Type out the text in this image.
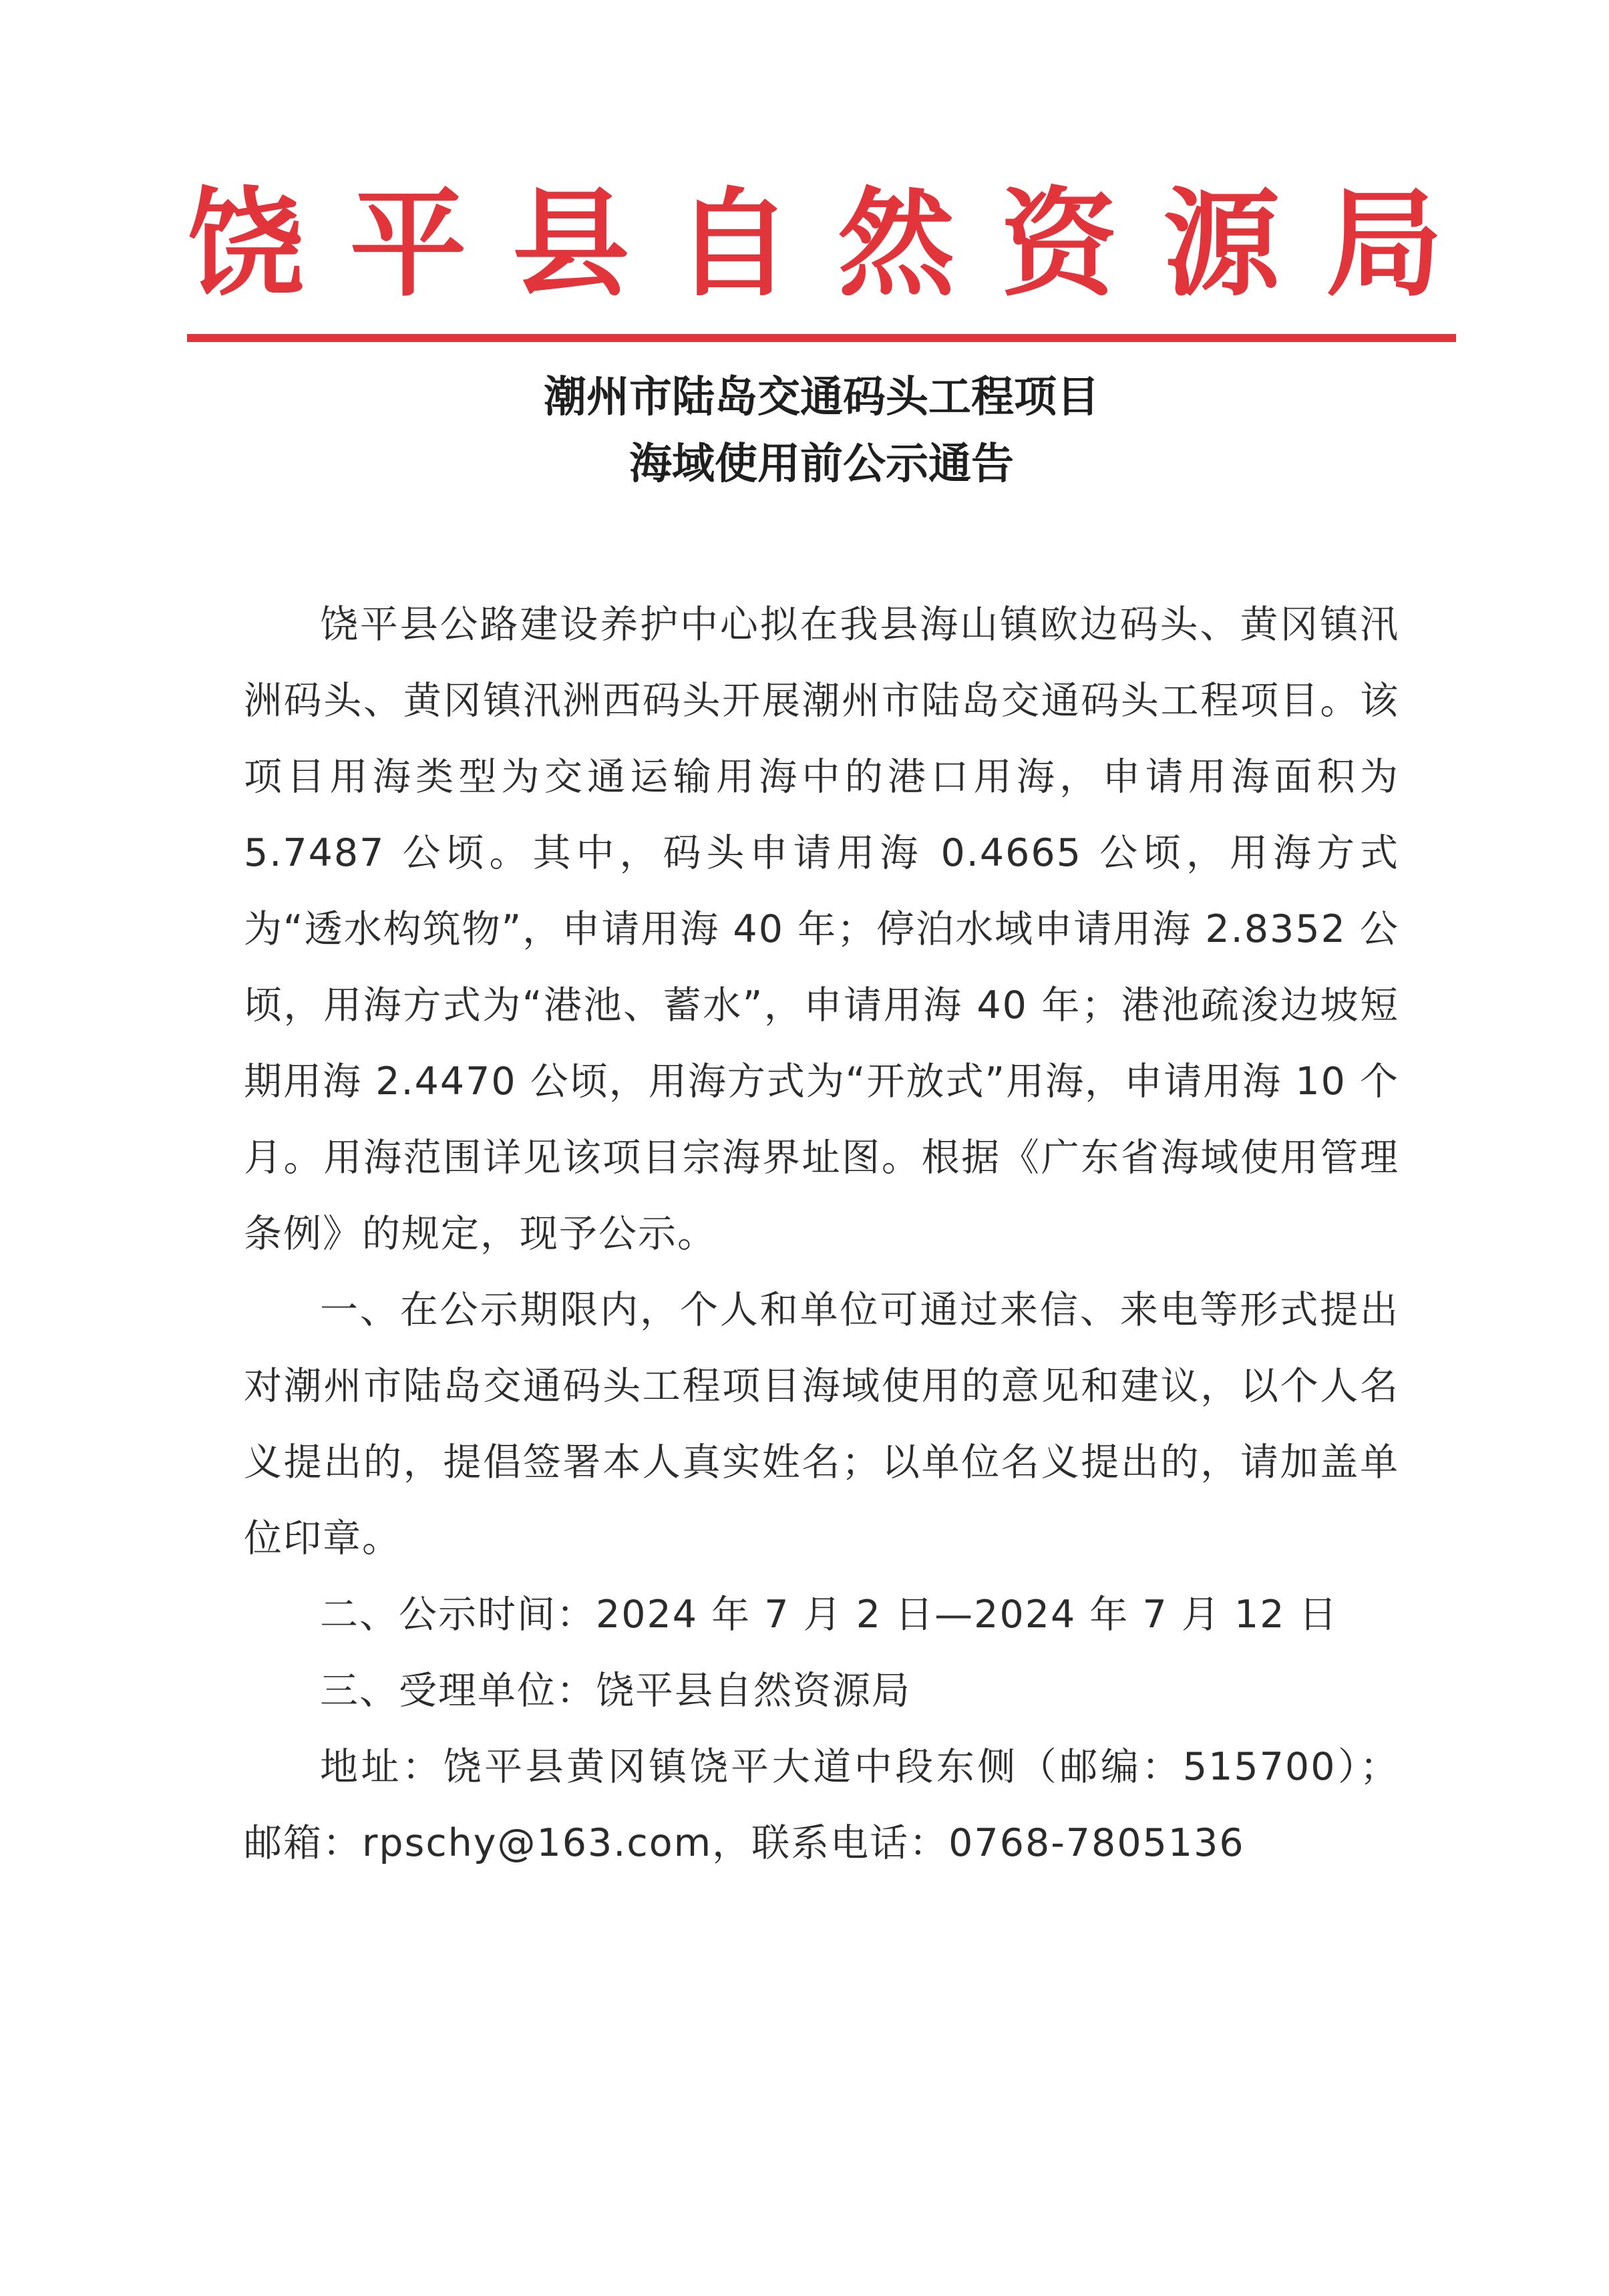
饶 平 县 自 然 资 源 局
潮州市陆岛交通码头工程项目
海域使用前公示通告

饶平县公路建设养护中心拟在我县海山镇欧边码头、黄冈镇汛洲码头、黄冈镇汛洲西码头开展潮州市陆岛交通码头工程项目。该项目用海类型为交通运输用海中的港口用海，申请用海面积为 5.7487 公顷。其中，码头申请用海 0.4665 公顷，用海方式为“透水构筑物”，申请用海 40 年；停泊水域申请用海 2.8352 公顷，用海方式为“港池、蓄水”，申请用海 40 年；港池疏浚边坡短期用海 2.4470 公顷，用海方式为“开放式”用海，申请用海 10 个月。用海范围详见该项目宗海界址图。根据《广东省海域使用管理条例》的规定，现予公示。

一、在公示期限内，个人和单位可通过来信、来电等形式提出对潮州市陆岛交通码头工程项目海域使用的意见和建议，以个人名义提出的，提倡签署本人真实姓名；以单位名义提出的，请加盖单位印章。

二、公示时间：2024 年 7 月 2 日—2024 年 7 月 12 日

三、受理单位：饶平县自然资源局

地址：饶平县黄冈镇饶平大道中段东侧（邮编：515700）；邮箱：rpschy@163.com，联系电话：0768-7805136
